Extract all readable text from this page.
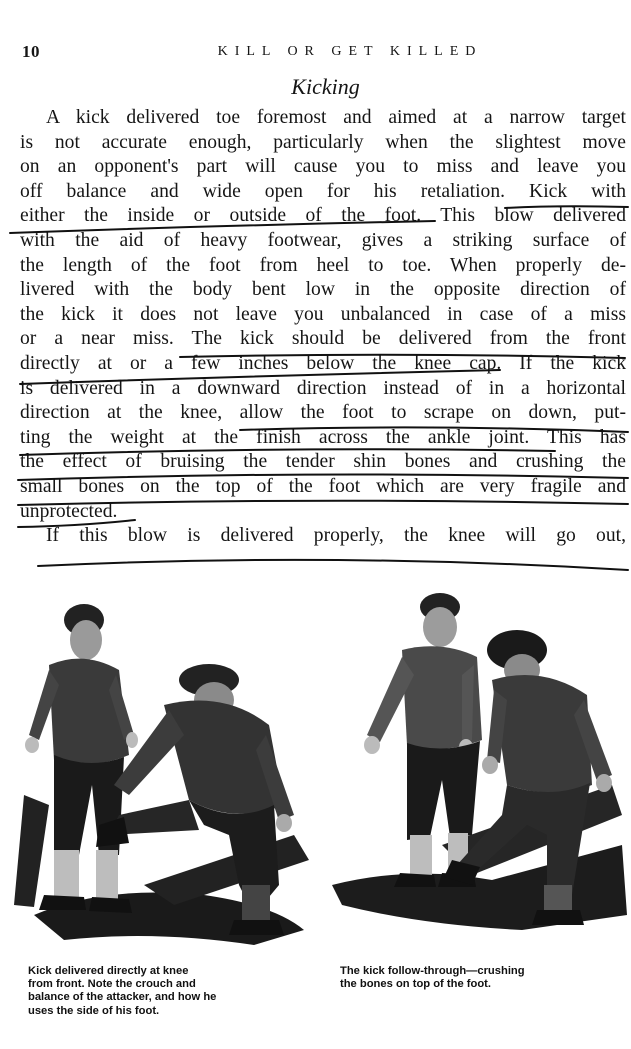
10	KILL OR GET KILLED
Kicking
A kick delivered toe foremost and aimed at a narrow target
is not accurate enough, particularly when the slightest move
on an opponent's part will cause you to miss and leave you
off balance and wide open for his retaliation. Kick with
either the inside or outside of the foot. This blow delivered
with the aid of heavy footwear, gives a striking surface of
the length of the foot from heel to toe. When properly de-
livered with the body bent low in the opposite direction of
the kick it does not leave you unbalanced in case of a miss
or a near miss. The kick should be delivered from the front
directly at or a few inches below the knee cap. If the kick
is delivered in a downward direction instead of in a horizontal
direction at the knee, allow the foot to scrape on down, put-
ting the weight at the finish across the ankle joint. This has
the effect of bruising the tender shin bones and crushing the
small bones on the top of the foot which are very fragile and
unprotected.
If this blow is delivered properly, the knee will go out,
Kick delivered directly at knee
from front. Note the crouch and
balance of the attacker, and how he
uses the side of his foot.
The kick follow-through—crushing
the bones on top of the foot.
